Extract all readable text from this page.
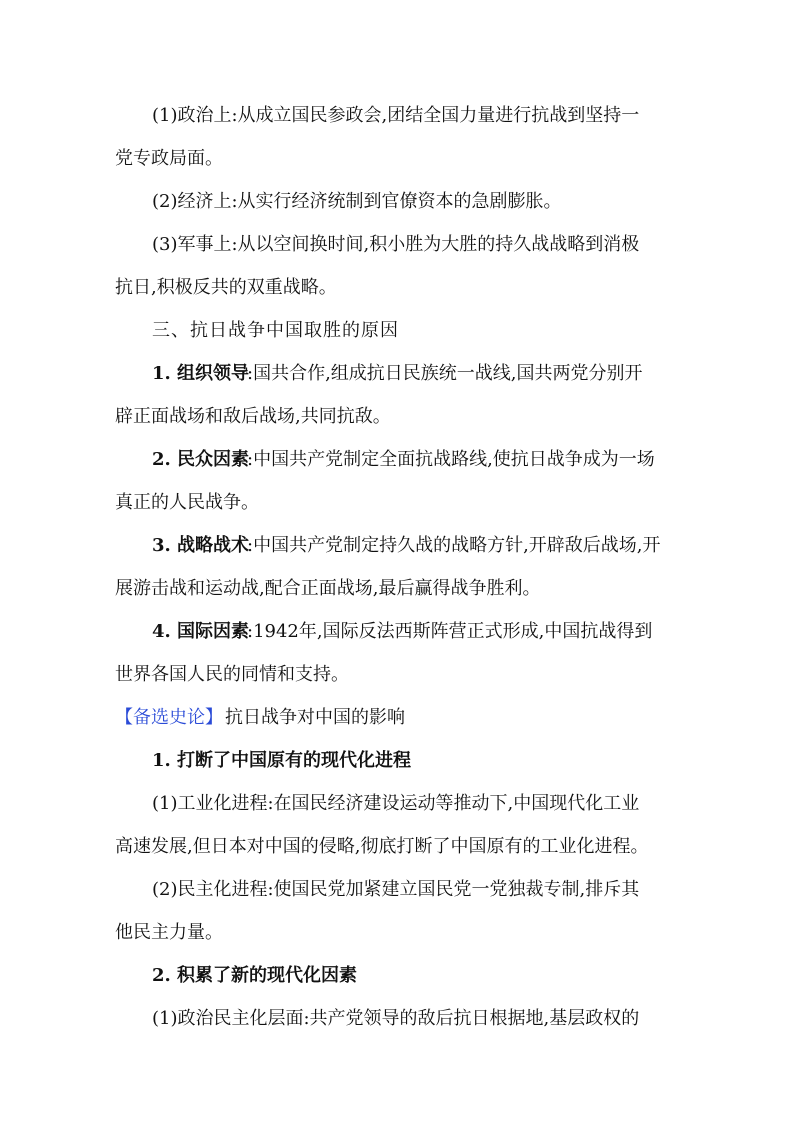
(1)政治上:从成立国民参政会,团结全国力量进行抗战到坚持一
党专政局面。
(2)经济上:从实行经济统制到官僚资本的急剧膨胀。
(3)军事上:从以空间换时间,积小胜为大胜的持久战战略到消极
抗日,积极反共的双重战略。
三、抗日战争中国取胜的原因
1. 组织领导
:国共合作,组成抗日民族统一战线,国共两党分别开
辟正面战场和敌后战场,共同抗敌。
2. 民众因素
:中国共产党制定全面抗战路线,使抗日战争成为一场
真正的人民战争。
3. 战略战术
:中国共产党制定持久战的战略方针,开辟敌后战场,开
展游击战和运动战,配合正面战场,最后赢得战争胜利。
4. 国际因素
:1942年,国际反法西斯阵营正式形成,中国抗战得到
世界各国人民的同情和支持。
【备选史论】 抗日战争对中国的影响
1. 打断了中国原有的现代化进程
(1)工业化进程:在国民经济建设运动等推动下,中国现代化工业
高速发展,但日本对中国的侵略,彻底打断了中国原有的工业化进程。
(2)民主化进程:使国民党加紧建立国民党一党独裁专制,排斥其
他民主力量。
2. 积累了新的现代化因素
(1)政治民主化层面:共产党领导的敌后抗日根据地,基层政权的
